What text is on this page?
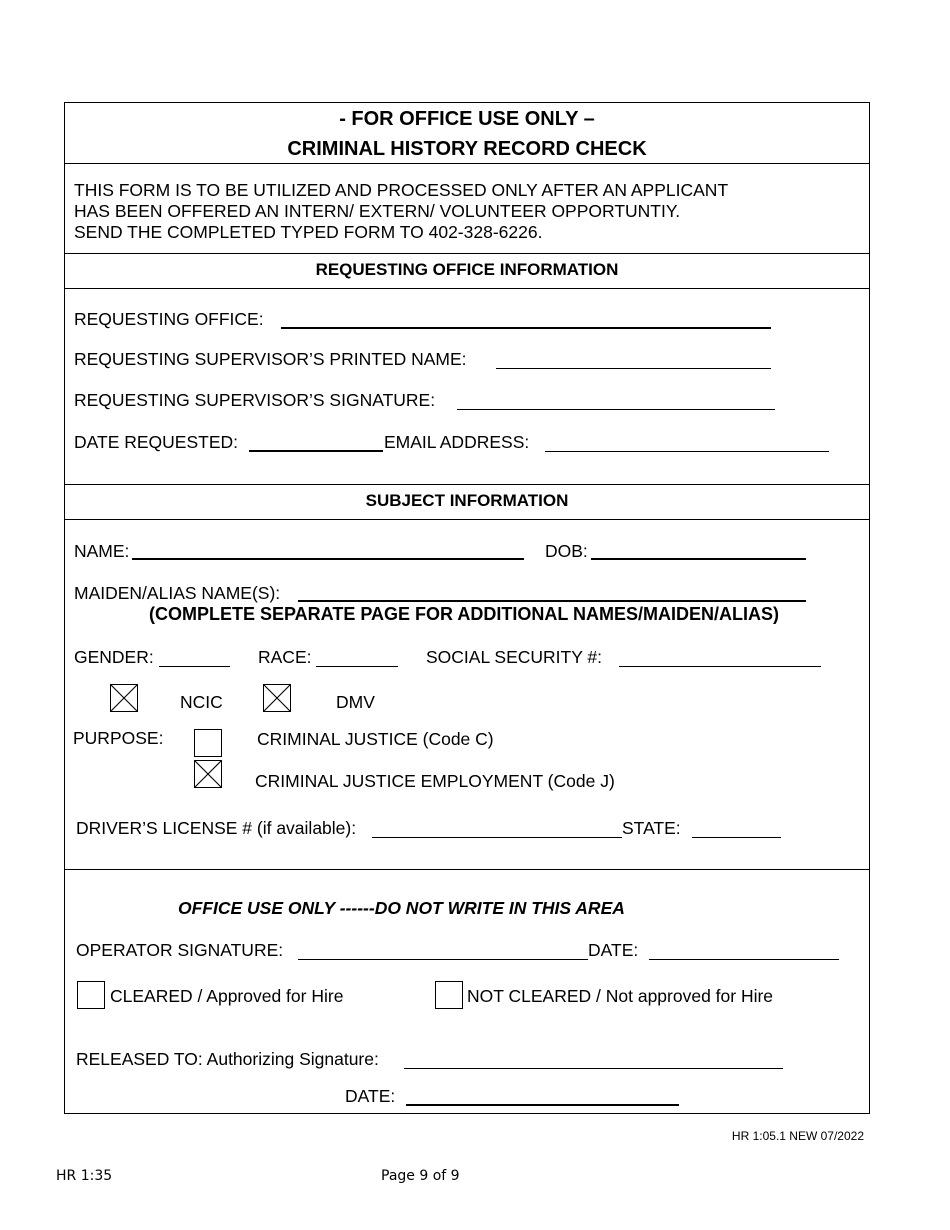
- FOR OFFICE USE ONLY –
CRIMINAL HISTORY RECORD CHECK
THIS FORM IS TO BE UTILIZED AND PROCESSED ONLY AFTER AN APPLICANT
HAS BEEN OFFERED AN INTERN/ EXTERN/ VOLUNTEER OPPORTUNTIY.
SEND THE COMPLETED TYPED FORM TO 402-328-6226.
REQUESTING OFFICE INFORMATION
REQUESTING OFFICE:
REQUESTING SUPERVISOR’S PRINTED NAME:
REQUESTING SUPERVISOR’S SIGNATURE:
DATE REQUESTED:	EMAIL ADDRESS:
SUBJECT INFORMATION
NAME:	DOB:
MAIDEN/ALIAS NAME(S):
(COMPLETE SEPARATE PAGE FOR ADDITIONAL NAMES/MAIDEN/ALIAS)
GENDER:	RACE:	SOCIAL SECURITY #:
NCIC	DMV
PURPOSE:	CRIMINAL JUSTICE (Code C)
CRIMINAL JUSTICE EMPLOYMENT (Code J)
DRIVER’S LICENSE # (if available):	STATE:
OFFICE USE ONLY ------DO NOT WRITE IN THIS AREA
OPERATOR SIGNATURE:	DATE:
CLEARED / Approved for Hire	NOT CLEARED / Not approved for Hire
RELEASED TO: Authorizing Signature:
DATE:
HR 1:05.1 NEW 07/2022
HR 1:35	Page 9 of 9
